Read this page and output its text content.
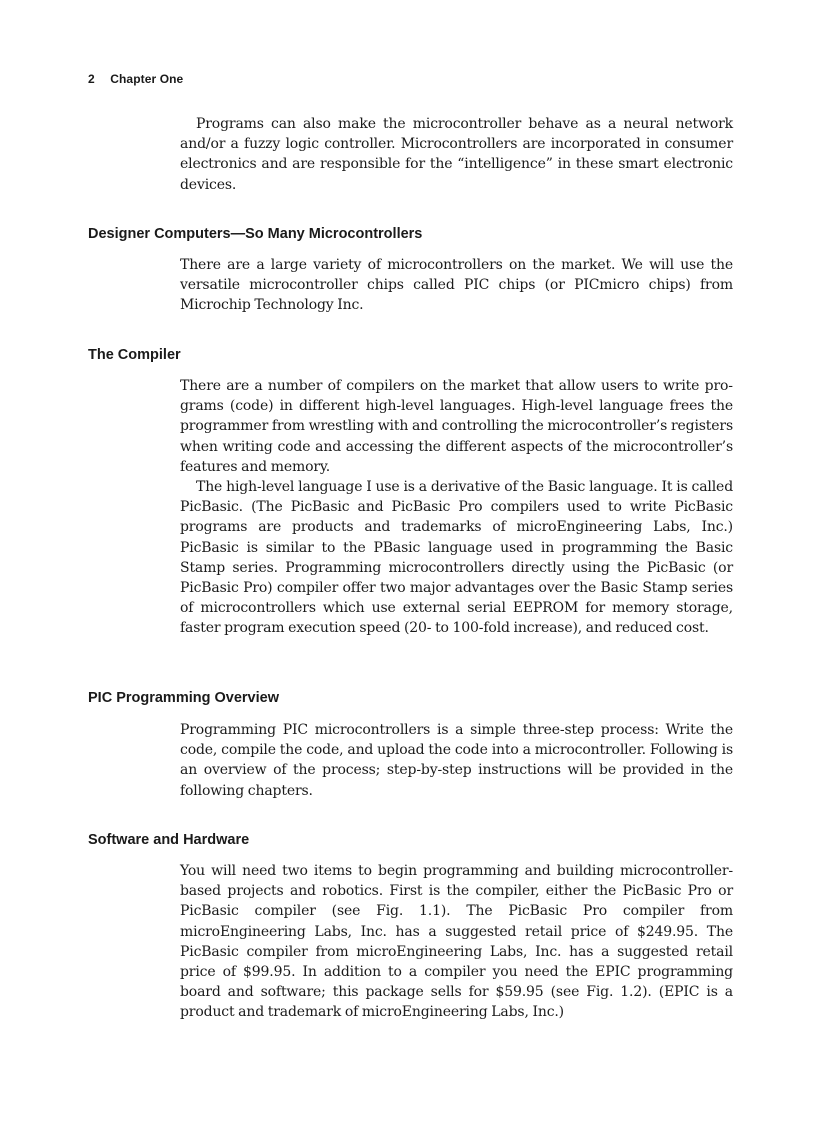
2 Chapter One

Programs can also make the microcontroller behave as a neural network and/or a fuzzy logic controller. Microcontrollers are incorporated in consumer electronics and are responsible for the “intelligence” in these smart electronic devices.

Designer Computers—So Many Microcontrollers

There are a large variety of microcontrollers on the market. We will use the versatile microcontroller chips called PIC chips (or PICmicro chips) from Microchip Technology Inc.

The Compiler

There are a number of compilers on the market that allow users to write programs (code) in different high-level languages. High-level language frees the programmer from wrestling with and controlling the microcontroller’s registers when writing code and accessing the different aspects of the microcontroller’s features and memory.

The high-level language I use is a derivative of the Basic language. It is called PicBasic. (The PicBasic and PicBasic Pro compilers used to write PicBasic programs are products and trademarks of microEngineering Labs, Inc.) PicBasic is similar to the PBasic language used in programming the Basic Stamp series. Programming microcontrollers directly using the PicBasic (or PicBasic Pro) compiler offer two major advantages over the Basic Stamp series of microcontrollers which use external serial EEPROM for memory storage, faster program execution speed (20- to 100-fold increase), and reduced cost.

PIC Programming Overview

Programming PIC microcontrollers is a simple three-step process: Write the code, compile the code, and upload the code into a microcontroller. Following is an overview of the process; step-by-step instructions will be provided in the following chapters.

Software and Hardware

You will need two items to begin programming and building microcontroller-based projects and robotics. First is the compiler, either the PicBasic Pro or PicBasic compiler (see Fig. 1.1). The PicBasic Pro compiler from microEngineering Labs, Inc. has a suggested retail price of $249.95. The PicBasic compiler from microEngineering Labs, Inc. has a suggested retail price of $99.95. In addition to a compiler you need the EPIC programming board and software; this package sells for $59.95 (see Fig. 1.2). (EPIC is a product and trademark of microEngineering Labs, Inc.)
